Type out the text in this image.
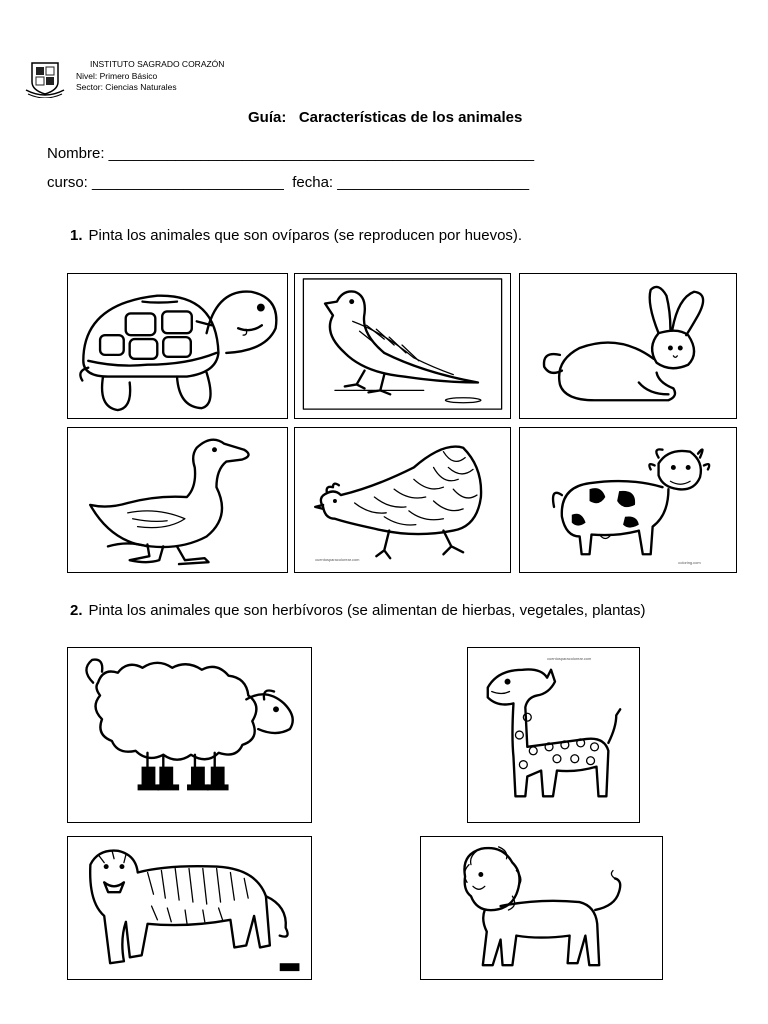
INSTITUTO SAGRADO CORAZÓN
Nivel: Primero Básico
Sector: Ciencias Naturales
Guía:   Características de los animales
Nombre: ___________________________________________________
curso: _______________________  fecha: _______________________
1. Pinta los animales que son ovíparos (se reproducen por huevos).
cuentosparacolorear.com
coloring.com
2. Pinta los animales que son herbívoros (se alimentan de hierbas, vegetales, plantas)
cuentosparacolorear.com
